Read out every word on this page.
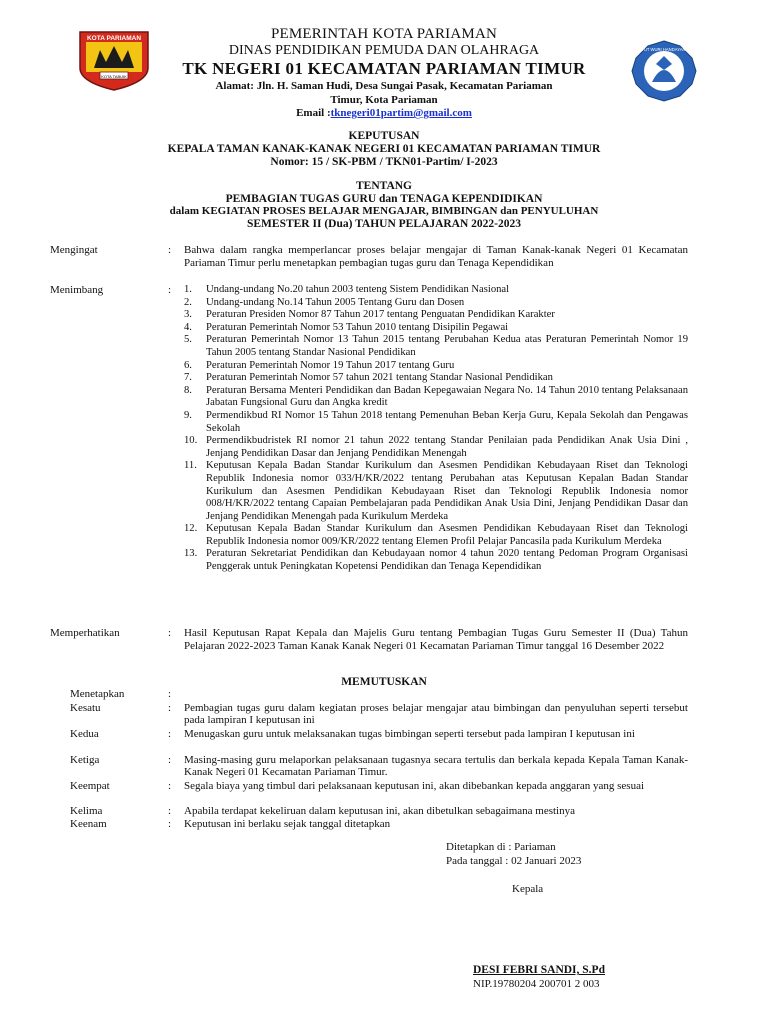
KOTA PARIAMAN
KOTA TABUIK
TUT WURI HANDAYANI
PEMERINTAH KOTA PARIAMAN
DINAS PENDIDIKAN PEMUDA DAN OLAHRAGA
TK NEGERI 01 KECAMATAN PARIAMAN TIMUR
Alamat: Jln. H. Saman Hudi, Desa Sungai Pasak, Kecamatan Pariaman
Timur, Kota Pariaman
Email :tknegeri01partim@gmail.com
KEPUTUSAN
KEPALA TAMAN KANAK-KANAK NEGERI 01 KECAMATAN PARIAMAN TIMUR
Nomor: 15 / SK-PBM / TKN01-Partim/ I-2023
TENTANG
PEMBAGIAN TUGAS GURU dan TENAGA KEPENDIDIKAN
dalam KEGIATAN PROSES BELAJAR MENGAJAR, BIMBINGAN dan PENYULUHAN
SEMESTER II (Dua) TAHUN PELAJARAN 2022-2023
Mengingat	: Bahwa dalam rangka memperlancar proses belajar mengajar di Taman Kanak-kanak Negeri 01 Kecamatan Pariaman Timur perlu menetapkan pembagian tugas guru dan Tenaga Kependidikan
Menimbang	: 1.	Undang-undang No.20 tahun 2003 tenteng Sistem Pendidikan Nasional
2.	Undang-undang No.14 Tahun 2005 Tentang Guru dan Dosen
3.	Peraturan Presiden Nomor 87 Tahun 2017 tentang Penguatan Pendidikan Karakter
4.	Peraturan Pemerintah Nomor 53 Tahun 2010 tentang Disipilin Pegawai
5.	Peraturan Pemerintah Nomor 13 Tahun 2015 tentang Perubahan Kedua atas Peraturan Pemerintah Nomor 19 Tahun 2005 tentang Standar Nasional Pendidikan
6.	Peraturan Pemerintah Nomor 19 Tahun 2017 tentang Guru
7.	Peraturan Pemerintah Nomor 57 tahun 2021 tentang Standar Nasional Pendidikan
8.	Peraturan Bersama Menteri Pendidikan dan Badan Kepegawaian Negara No. 14 Tahun 2010 tentang Pelaksanaan Jabatan Fungsional Guru dan Angka kredit
9.	Permendikbud RI Nomor 15 Tahun 2018 tentang Pemenuhan Beban Kerja Guru, Kepala Sekolah dan Pengawas Sekolah
10. Permendikbudristek RI nomor 21 tahun 2022 tentang Standar Penilaian pada Pendidikan Anak Usia Dini , Jenjang Pendidikan Dasar dan Jenjang Pendidikan Menengah
11. Keputusan Kepala Badan Standar Kurikulum dan Asesmen Pendidikan Kebudayaan Riset dan Teknologi Republik Indonesia nomor 033/H/KR/2022 tentang Perubahan atas Keputusan Kepalan Badan Standar Kurikulum dan Asesmen Pendidikan Kebudayaan Riset dan Teknologi Republik Indonesia nomor 008/H/KR/2022 tentang Capaian Pembelajaran pada Pendidikan Anak Usia Dini, Jenjang Pendidikan Dasar dan Jenjang Pendidikan Menengah pada Kurikulum Merdeka
12. Keputusan Kepala Badan Standar Kurikulum dan Asesmen Pendidikan Kebudayaan Riset dan Teknologi Republik Indonesia nomor 009/KR/2022 tentang Elemen Profil Pelajar Pancasila pada Kurikulum Merdeka
13. Peraturan Sekretariat Pendidikan dan Kebudayaan nomor 4 tahun 2020 tentang Pedoman Program Organisasi Penggerak untuk Peningkatan Kopetensi Pendidikan dan Tenaga Kependidikan
Memperhatikan	: Hasil Keputusan Rapat Kepala dan Majelis Guru tentang Pembagian Tugas Guru Semester II (Dua) Tahun Pelajaran 2022-2023 Taman Kanak Kanak Negeri 01 Kecamatan Pariaman Timur tanggal 16 Desember 2022
MEMUTUSKAN
Menetapkan	:
Kesatu	: Pembagian tugas guru dalam kegiatan proses belajar mengajar atau bimbingan dan penyuluhan seperti tersebut pada lampiran I keputusan ini
Kedua	: Menugaskan guru untuk melaksanakan tugas bimbingan seperti tersebut pada lampiran I keputusan ini
Ketiga	: Masing-masing guru melaporkan pelaksanaan tugasnya secara tertulis dan berkala kepada Kepala Taman Kanak-Kanak Negeri 01 Kecamatan Pariaman Timur.
Keempat	: Segala biaya yang timbul dari pelaksanaan keputusan ini, akan dibebankan kepada anggaran yang sesuai
Kelima	: Apabila terdapat kekeliruan dalam keputusan ini, akan dibetulkan sebagaimana mestinya
Keenam	: Keputusan ini berlaku sejak tanggal ditetapkan
Ditetapkan di : Pariaman
Pada tanggal : 02 Januari 2023
Kepala
DESI FEBRI SANDI, S.Pd
NIP.19780204 200701 2 003
